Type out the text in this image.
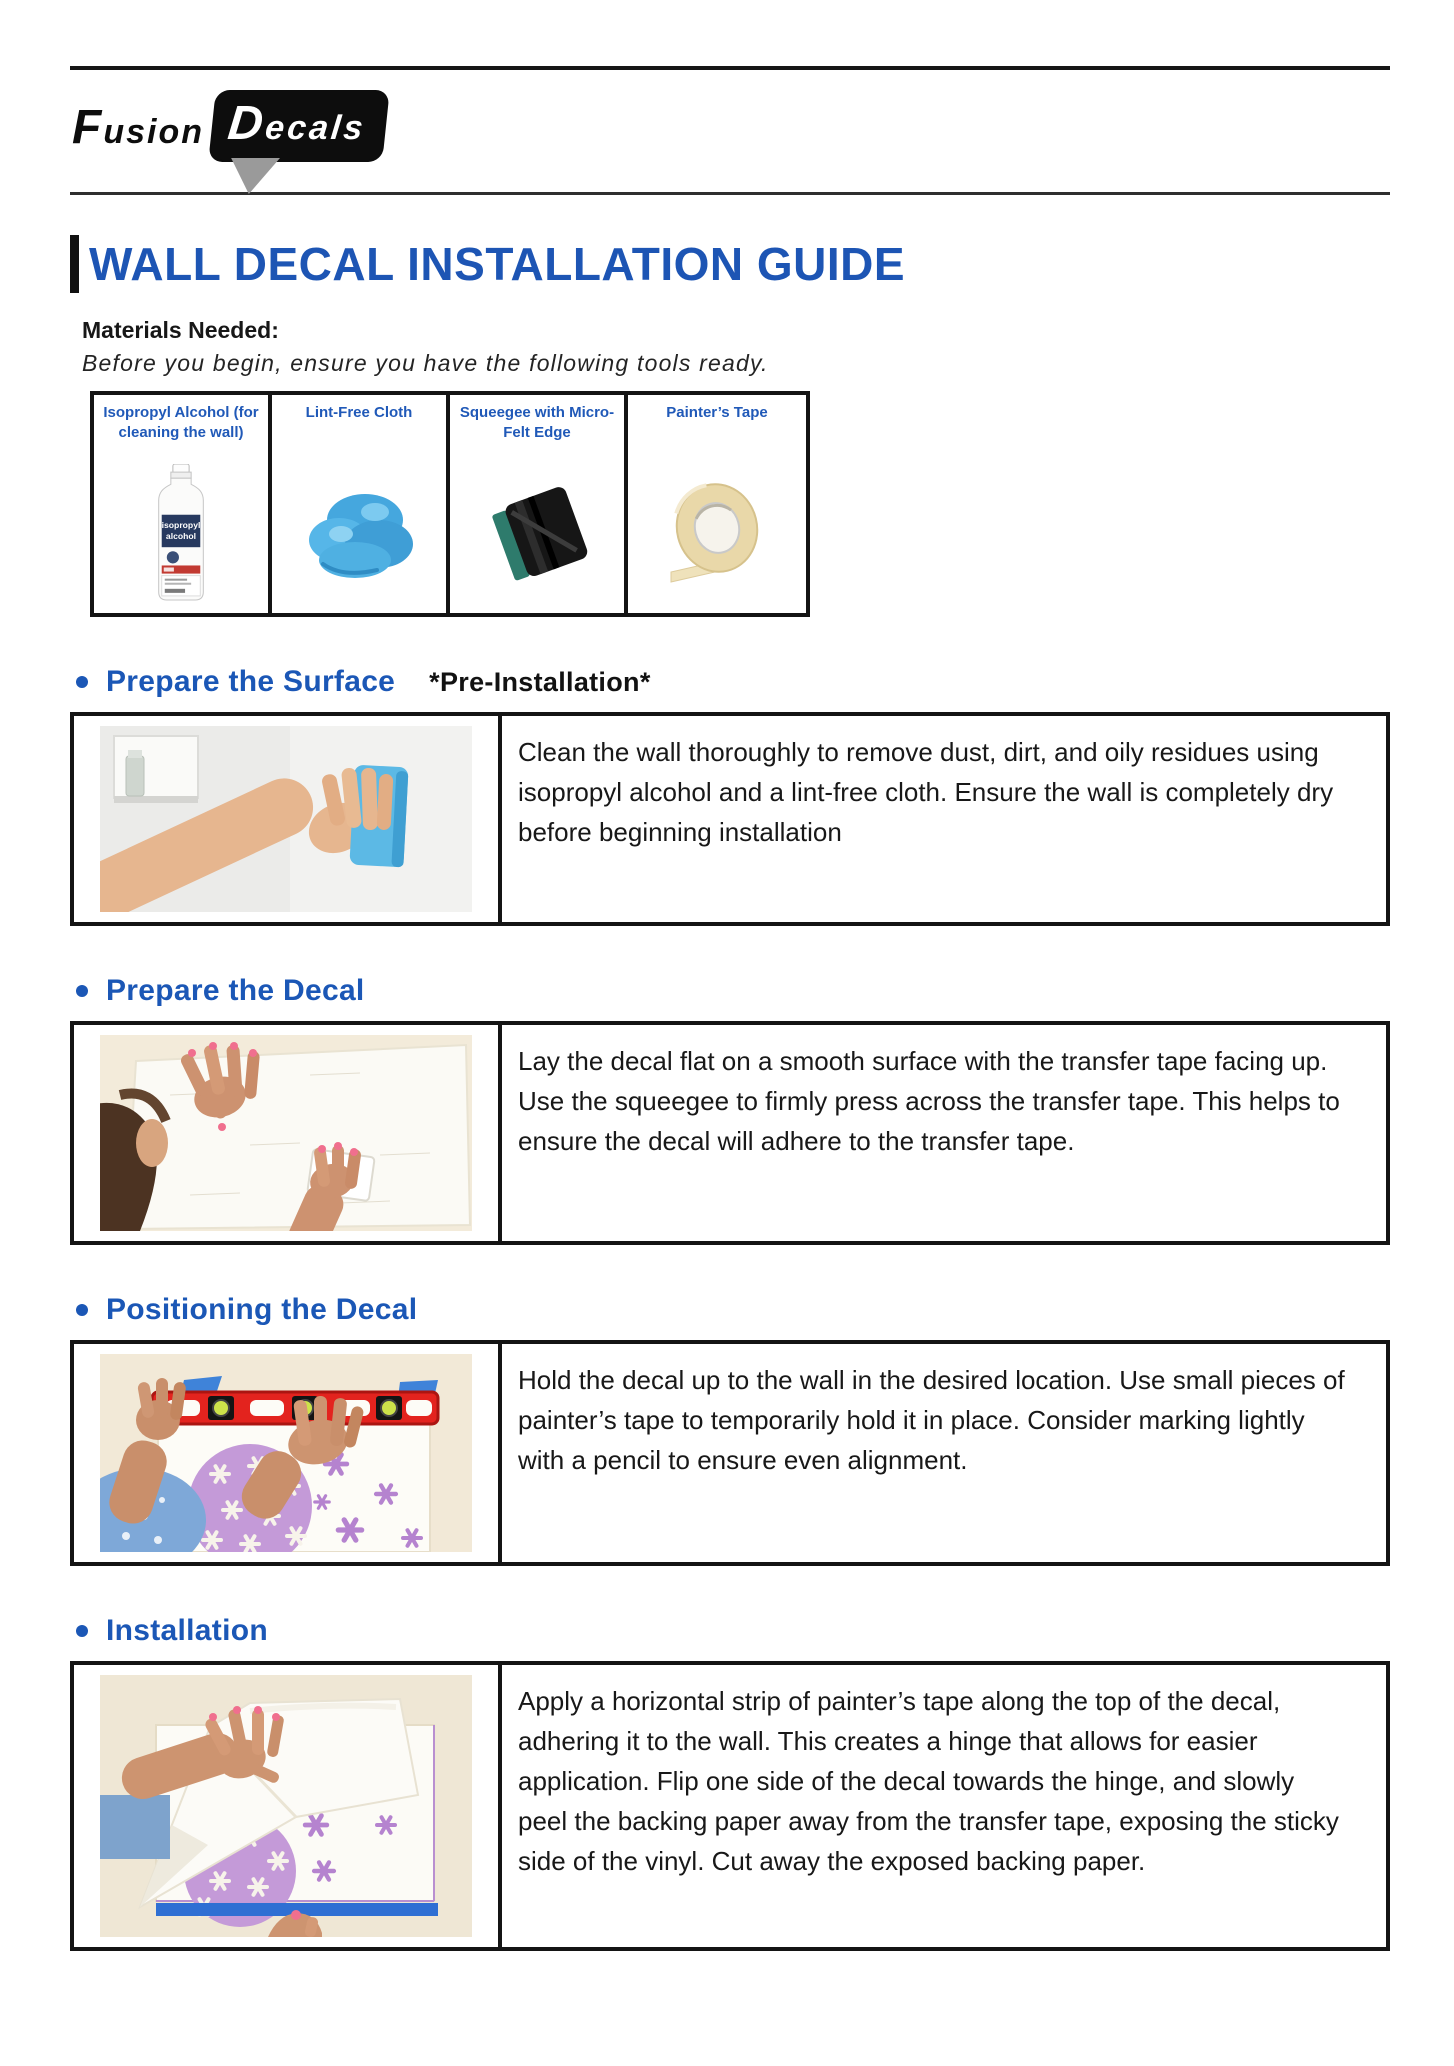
Fusion Decals
WALL DECAL INSTALLATION GUIDE
Materials Needed:
Before you begin, ensure you have the following tools ready.
Isopropyl Alcohol (for cleaning the wall)
isopropyl
alcohol
Lint-Free Cloth	Squeegee with Micro-Felt Edge
Painter’s Tape
Prepare the Surface *Pre-Installation*
Clean the wall thoroughly to remove dust, dirt, and oily residues using isopropyl alcohol and a lint-free cloth. Ensure the wall is completely dry before beginning installation
Prepare the Decal
Lay the decal flat on a smooth surface with the transfer tape facing up. Use the squeegee to firmly press across the transfer tape. This helps to ensure the decal will adhere to the transfer tape.
Positioning the Decal
Hold the decal up to the wall in the desired location. Use small pieces of painter’s tape to temporarily hold it in place. Consider marking lightly with a pencil to ensure even alignment.
Installation
Apply a horizontal strip of painter’s tape along the top of the decal, adhering it to the wall. This creates a hinge that allows for easier application. Flip one side of the decal towards the hinge, and slowly peel the backing paper away from the transfer tape, exposing the sticky side of the vinyl. Cut away the exposed backing paper.
